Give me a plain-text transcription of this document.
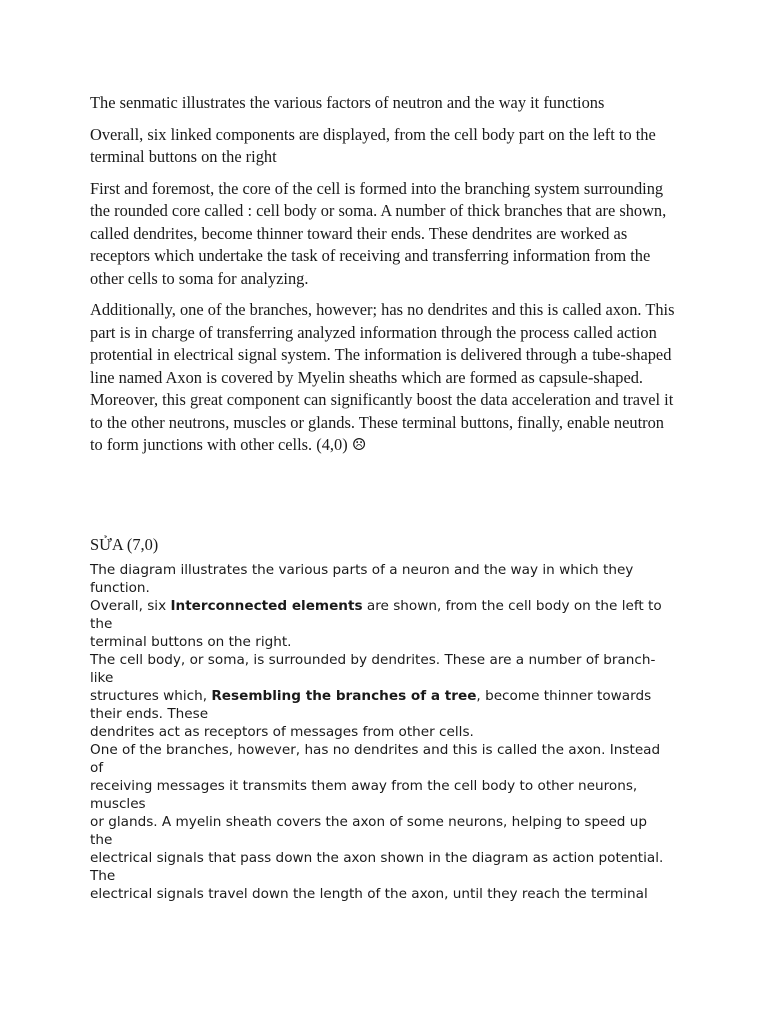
The senmatic illustrates the various factors of neutron and the way it functions

Overall, six linked components are displayed, from the cell body part on the left to the terminal buttons on the right

First and foremost, the core of the cell is formed into the branching system surrounding the rounded core called : cell body or soma. A number of thick branches that are shown, called dendrites, become thinner toward their ends. These dendrites are worked as receptors which undertake the task of receiving and transferring information from the other cells to soma for analyzing.

Additionally, one of the branches, however; has no dendrites and this is called axon. This part is in charge of transferring analyzed information through the process called action protential in electrical signal system. The information is delivered through a tube-shaped line named Axon is covered by Myelin sheaths which are formed as capsule-shaped. Moreover, this great component can significantly boost the data acceleration and travel it to the other neutrons, muscles or glands. These terminal buttons, finally, enable neutron to form junctions with other cells. (4,0) ☹

SỬA (7,0)

The diagram illustrates the various parts of a neuron and the way in which they

function.

Overall, six Interconnected elements are shown, from the cell body on the left to

the

terminal buttons on the right.

The cell body, or soma, is surrounded by dendrites. These are a number of branch-

like

structures which, Resembling the branches of a tree, become thinner towards

their ends. These

dendrites act as receptors of messages from other cells.

One of the branches, however, has no dendrites and this is called the axon. Instead

of

receiving messages it transmits them away from the cell body to other neurons,

muscles

or glands. A myelin sheath covers the axon of some neurons, helping to speed up

the

electrical signals that pass down the axon shown in the diagram as action potential.

The

electrical signals travel down the length of the axon, until they reach the terminal
